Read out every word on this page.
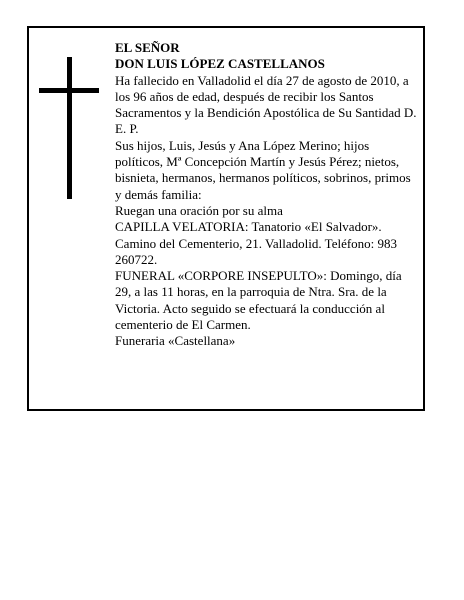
EL SEÑOR

DON LUIS LÓPEZ CASTELLANOS

Ha fallecido en Valladolid el día 27 de agosto de 2010, a los 96 años de edad, después de recibir los Santos Sacramentos y la Bendición Apostólica de Su Santidad D. E. P.

Sus hijos, Luis, Jesús y Ana López Merino; hijos políticos, Mª Concepción Martín y Jesús Pérez; nietos, bisnieta, hermanos, hermanos políticos, sobrinos, primos y demás familia:

Ruegan una oración por su alma

CAPILLA VELATORIA: Tanatorio «El Salvador». Camino del Cementerio, 21. Valladolid. Teléfono: 983 260722.

FUNERAL «CORPORE INSEPULTO»: Domingo, día 29, a las 11 horas, en la parroquia de Ntra. Sra. de la Victoria. Acto seguido se efectuará la conducción al cementerio de El Carmen.

Funeraria «Castellana»
